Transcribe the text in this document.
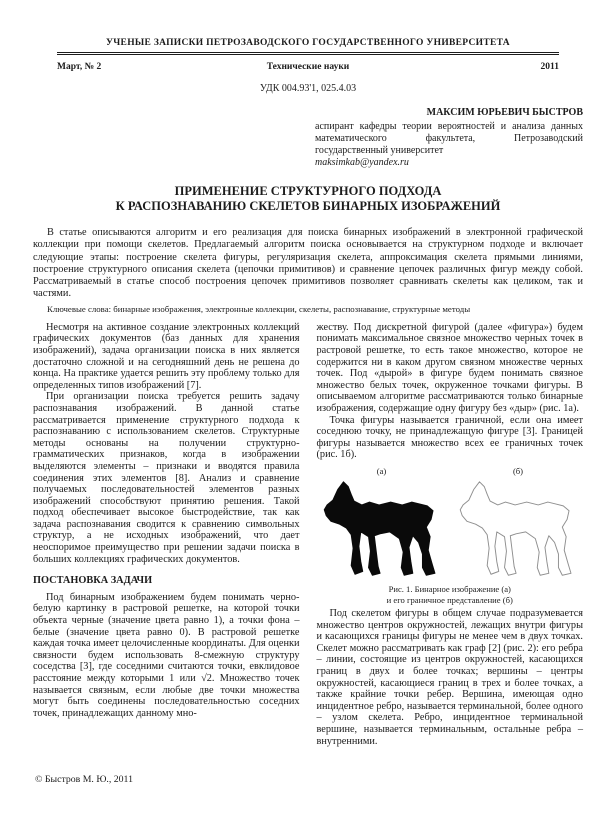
УЧЕНЫЕ ЗАПИСКИ ПЕТРОЗАВОДСКОГО ГОСУДАРСТВЕННОГО УНИВЕРСИТЕТА
Март, № 2	Технические науки	2011
УДК 004.93'1, 025.4.03
МАКСИМ ЮРЬЕВИЧ БЫСТРОВ
аспирант кафедры теории вероятностей и анализа данных математического факультета, Петрозаводский государственный университет
maksimkab@yandex.ru
ПРИМЕНЕНИЕ СТРУКТУРНОГО ПОДХОДА
К РАСПОЗНАВАНИЮ СКЕЛЕТОВ БИНАРНЫХ ИЗОБРАЖЕНИЙ
В статье описываются алгоритм и его реализация для поиска бинарных изображений в электронной графической коллекции при помощи скелетов. Предлагаемый алгоритм поиска основывается на структурном подходе и включает следующие этапы: построение скелета фигуры, регуляризация скелета, аппроксимация скелета прямыми линиями, построение структурного описания скелета (цепочки примитивов) и сравнение цепочек различных фигур между собой. Рассматриваемый в статье способ построения цепочек примитивов позволяет сравнивать скелеты как целиком, так и частями.
Ключевые слова: бинарные изображения, электронные коллекции, скелеты, распознавание, структурные методы

Несмотря на активное создание электронных коллекций графических документов (баз данных для хранения изображений), задача организации поиска в них является достаточно сложной и на сегодняшний день не решена до конца. На практике удается решить эту проблему только для определенных типов изображений [7].

При организации поиска требуется решить задачу распознавания изображений. В данной статье рассматривается применение структурного подхода к распознаванию с использованием скелетов. Структурные методы основаны на получении структурно-грамматических признаков, когда в изображении выделяются элементы – признаки и вводятся правила соединения этих элементов [8]. Анализ и сравнение получаемых последовательностей элементов разных изображений способствуют принятию решения. Такой подход обеспечивает высокое быстродействие, так как задача распознавания сводится к сравнению символьных структур, а не исходных изображений, что дает неоспоримое преимущество при решении задачи поиска в больших коллекциях графических документов.

ПОСТАНОВКА ЗАДАЧИ

Под бинарным изображением будем понимать черно-белую картинку в растровой решетке, на которой точки объекта черные (значение цвета равно 1), а точки фона – белые (значение цвета равно 0). В растровой решетке каждая точка имеет целочисленные координаты. Для оценки связности будем использовать 8-смежную структуру соседства [3], где соседними считаются точки, евклидовое расстояние между которыми 1 или √2. Множество точек называется связным, если любые две точки множества могут быть соединены последовательностью соседних точек, принадлежащих данному мно-

жеству. Под дискретной фигурой (далее «фигура») будем понимать максимальное связное множество черных точек в растровой решетке, то есть такое множество, которое не содержится ни в каком другом связном множестве черных точек. Под «дырой» в фигуре будем понимать связное множество белых точек, окруженное точками фигуры. В описываемом алгоритме рассматриваются только бинарные изображения, содержащие одну фигуру без «дыр» (рис. 1а).

Точка фигуры называется граничной, если она имеет соседнюю точку, не принадлежащую фигуре [3]. Границей фигуры называется множество всех ее граничных точек (рис. 1б).

(а)	(б)
Рис. 1. Бинарное изображение (а)
и его граничное представление (б)

Под скелетом фигуры в общем случае подразумевается множество центров окружностей, лежащих внутри фигуры и касающихся границы фигуры не менее чем в двух точках. Скелет можно рассматривать как граф [2] (рис. 2): его ребра – линии, состоящие из центров окружностей, касающихся границ в двух и более точках; вершины – центры окружностей, касающиеся границ в трех и более точках, а также крайние точки ребер. Вершина, имеющая одно инцидентное ребро, называется терминальной, более одного – узлом скелета. Ребро, инцидентное терминальной вершине, называется терминальным, остальные ребра – внутренними.

© Быстров М. Ю., 2011
